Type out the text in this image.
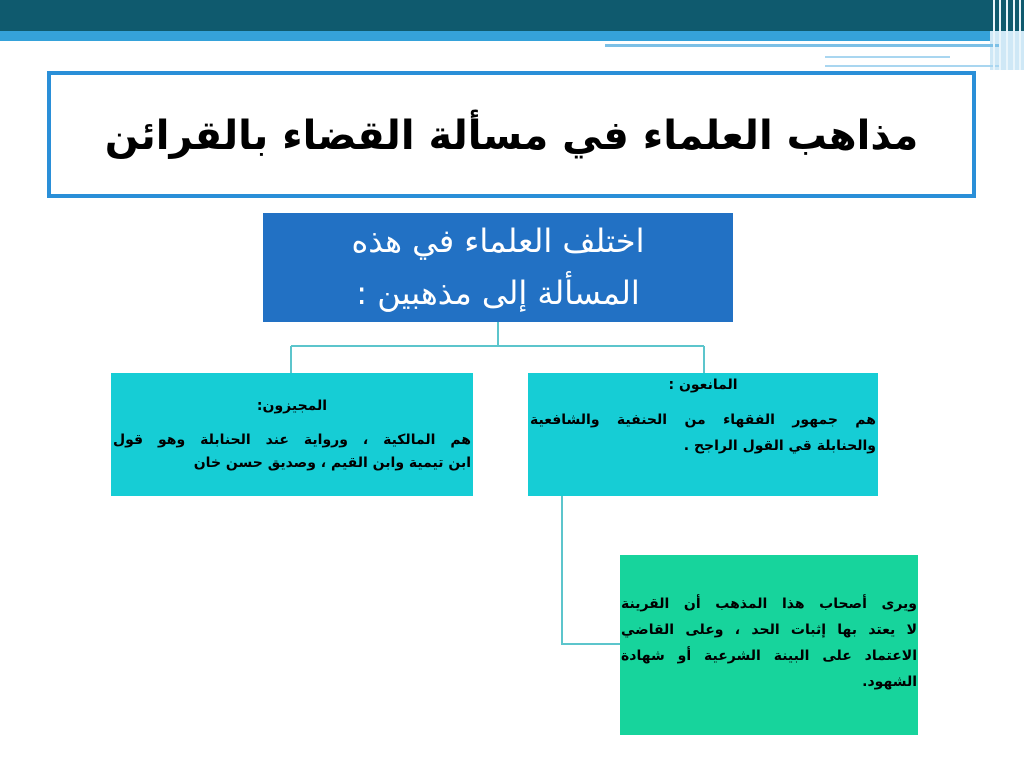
مذاهب العلماء في مسألة القضاء بالقرائن
اختلف العلماء في هذه
المسألة إلى مذهبين :
المجيزون:
هم المالكية ، ورواية عند الحنابلة وهو قول
ابن تيمية وابن القيم ، وصديق حسن خان
المانعون :
هم جمهور الفقهاء من الحنفية والشافعية
والحنابلة قي القول الراجح .
ويرى أصحاب هذا المذهب أن القرينة
لا يعتد بها إثبات الحد ، وعلى القاضي
الاعتماد على البينة الشرعية أو شهادة
الشهود.
